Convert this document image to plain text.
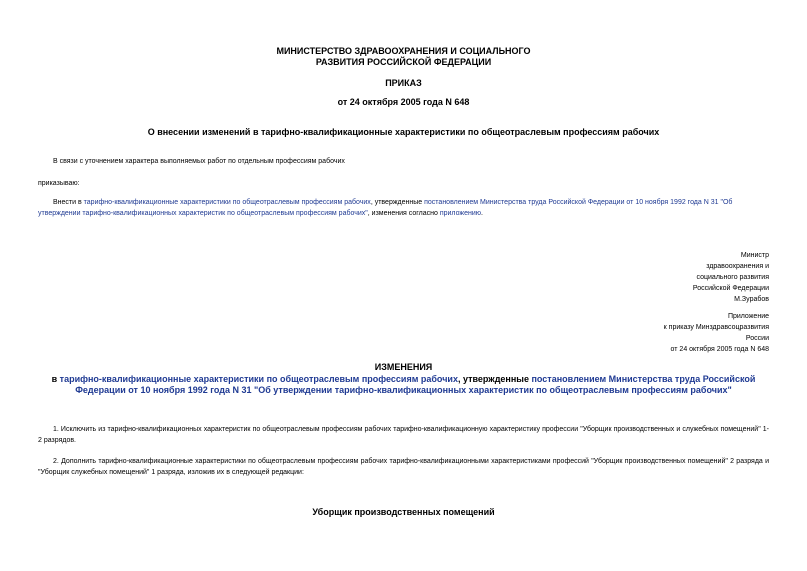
МИНИСТЕРСТВО ЗДРАВООХРАНЕНИЯ И СОЦИАЛЬНОГО
РАЗВИТИЯ РОССИЙСКОЙ ФЕДЕРАЦИИ
ПРИКАЗ
от 24 октября 2005 года N 648
О внесении изменений в тарифно-квалификационные характеристики по общеотраслевым профессиям рабочих
В связи с уточнением характера выполняемых работ по отдельным профессиям рабочих
приказываю:
Внести в тарифно-квалификационные характеристики по общеотраслевым профессиям рабочих, утвержденные постановлением Министерства труда Российской Федерации от 10 ноября 1992 года N 31 "Об утверждении тарифно-квалификационных характеристик по общеотраслевым профессиям рабочих", изменения согласно приложению.
Министр
здравоохранения и
социального развития
Российской Федерации
М.Зурабов
Приложение
к приказу Минздравсоцразвития
России
от 24 октября 2005 года N 648
ИЗМЕНЕНИЯ
в тарифно-квалификационные характеристики по общеотраслевым профессиям рабочих, утвержденные постановлением Министерства труда Российской Федерации от 10 ноября 1992 года N 31 "Об утверждении тарифно-квалификационных характеристик по общеотраслевым профессиям рабочих"
1. Исключить из тарифно-квалификационных характеристик по общеотраслевым профессиям рабочих тарифно-квалификационную характеристику профессии "Уборщик производственных и служебных помещений" 1-2 разрядов.
2. Дополнить тарифно-квалификационные характеристики по общеотраслевым профессиям рабочих тарифно-квалификационными характеристиками профессий "Уборщик производственных помещений" 2 разряда и "Уборщик служебных помещений" 1 разряда, изложив их в следующей редакции:
Уборщик производственных помещений
